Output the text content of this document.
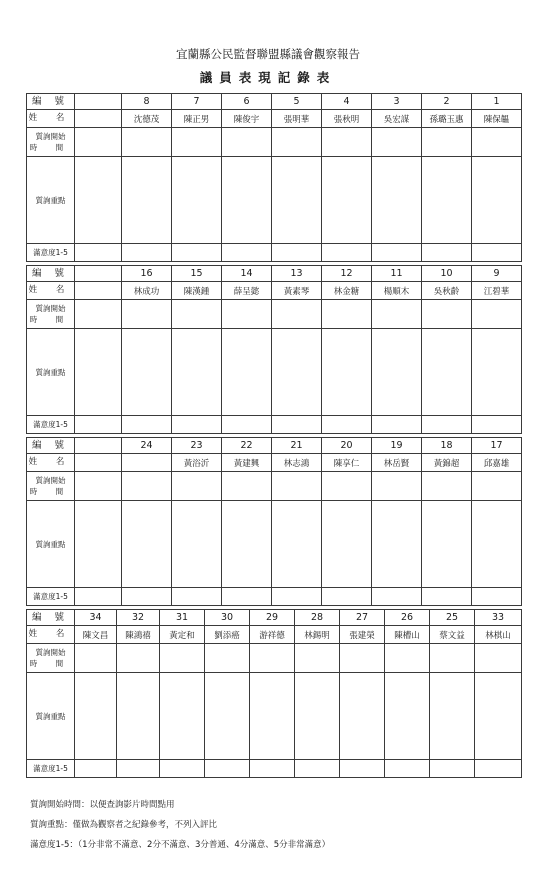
宜蘭縣公民監督聯盟縣議會觀察報告
議員表現記錄表
編 號		8	7	6	5	4	3	2	1
姓 名		沈德茂	陳正男	陳俊宇	張明華	張秋明	吳宏謀	孫璐玉惠	陳保韞

質詢開始
時 間									

質詢重點									
滿意度1-5									
編 號		16	15	14	13	12	11	10	9
姓 名		林成功	陳漢鍾	薛呈懿	黃素琴	林金糖	楊順木	吳秋齡	江碧華

質詢開始
時 間									

質詢重點									
滿意度1-5									
編 號		24	23	22	21	20	19	18	17
姓 名			黃浴沂	黃建興	林志鴻	陳享仁	林岳賢	黃錦超	邱嘉雄

質詢開始
時 間									

質詢重點									
滿意度1-5									
編 號	34	32	31	30	29	28	27	26	25	33
姓 名	陳文昌	陳鴻禧	黃定和	劉添癌	游祥德	林錫明	張建榮	陳槽山	蔡文益	林棋山

質詢開始
時 間										

質詢重點										
滿意度1-5										
質詢開始時間：以便查詢影片時間點用
質詢重點：僅做為觀察者之紀錄參考，不列入評比
滿意度1-5：（1分非常不滿意、2分不滿意、3分普通、4分滿意、5分非常滿意）
